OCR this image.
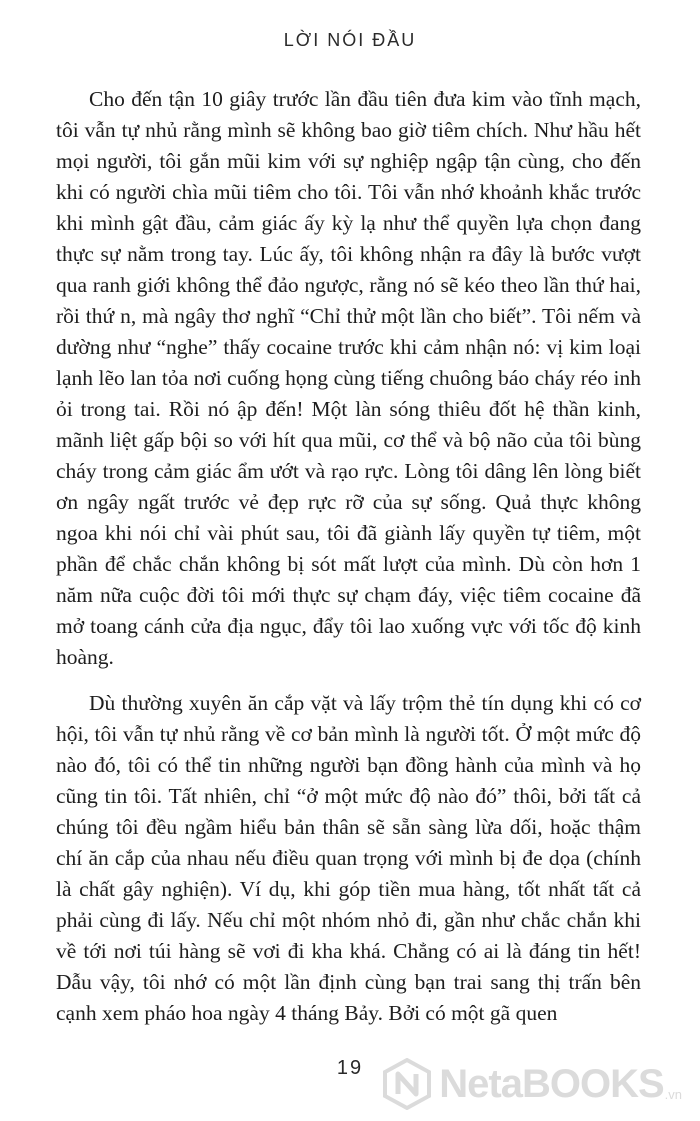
LỜI NÓI ĐẦU

Cho đến tận 10 giây trước lần đầu tiên đưa kim vào tĩnh mạch, tôi vẫn tự nhủ rằng mình sẽ không bao giờ tiêm chích. Như hầu hết mọi người, tôi gắn mũi kim với sự nghiệp ngập tận cùng, cho đến khi có người chìa mũi tiêm cho tôi. Tôi vẫn nhớ khoảnh khắc trước khi mình gật đầu, cảm giác ấy kỳ lạ như thể quyền lựa chọn đang thực sự nằm trong tay. Lúc ấy, tôi không nhận ra đây là bước vượt qua ranh giới không thể đảo ngược, rằng nó sẽ kéo theo lần thứ hai, rồi thứ n, mà ngây thơ nghĩ “Chỉ thử một lần cho biết”. Tôi nếm và dường như “nghe” thấy cocaine trước khi cảm nhận nó: vị kim loại lạnh lẽo lan tỏa nơi cuống họng cùng tiếng chuông báo cháy réo inh ỏi trong tai. Rồi nó ập đến! Một làn sóng thiêu đốt hệ thần kinh, mãnh liệt gấp bội so với hít qua mũi, cơ thể và bộ não của tôi bùng cháy trong cảm giác ẩm ướt và rạo rực. Lòng tôi dâng lên lòng biết ơn ngây ngất trước vẻ đẹp rực rỡ của sự sống. Quả thực không ngoa khi nói chỉ vài phút sau, tôi đã giành lấy quyền tự tiêm, một phần để chắc chắn không bị sót mất lượt của mình. Dù còn hơn 1 năm nữa cuộc đời tôi mới thực sự chạm đáy, việc tiêm cocaine đã mở toang cánh cửa địa ngục, đẩy tôi lao xuống vực với tốc độ kinh hoàng.

Dù thường xuyên ăn cắp vặt và lấy trộm thẻ tín dụng khi có cơ hội, tôi vẫn tự nhủ rằng về cơ bản mình là người tốt. Ở một mức độ nào đó, tôi có thể tin những người bạn đồng hành của mình và họ cũng tin tôi. Tất nhiên, chỉ “ở một mức độ nào đó” thôi, bởi tất cả chúng tôi đều ngầm hiểu bản thân sẽ sẵn sàng lừa dối, hoặc thậm chí ăn cắp của nhau nếu điều quan trọng với mình bị đe dọa (chính là chất gây nghiện). Ví dụ, khi góp tiền mua hàng, tốt nhất tất cả phải cùng đi lấy. Nếu chỉ một nhóm nhỏ đi, gần như chắc chắn khi về tới nơi túi hàng sẽ vơi đi kha khá. Chẳng có ai là đáng tin hết! Dẫu vậy, tôi nhớ có một lần định cùng bạn trai sang thị trấn bên cạnh xem pháo hoa ngày 4 tháng Bảy. Bởi có một gã quen

19	NetaBOOKS .vn
